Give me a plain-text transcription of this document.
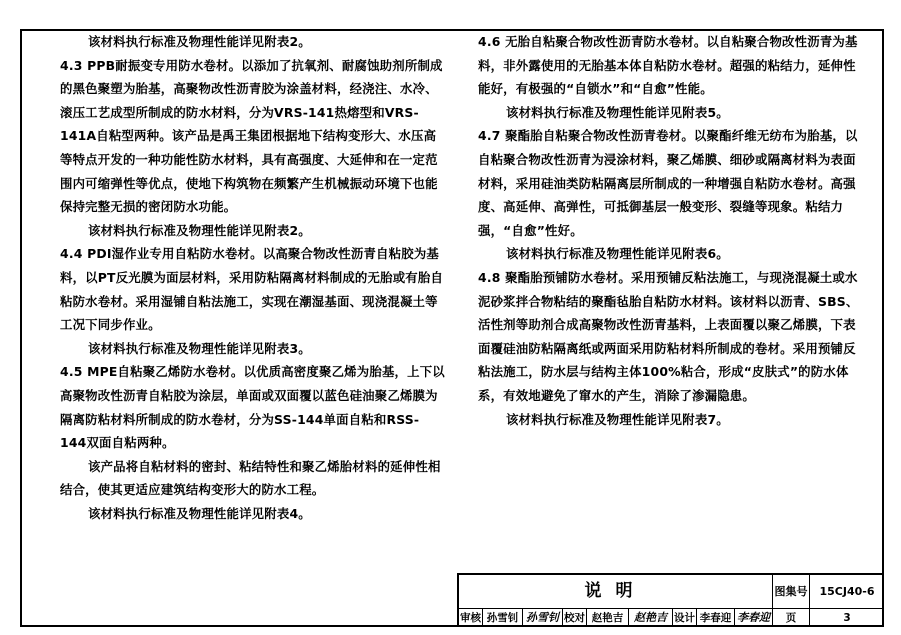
该材料执行标准及物理性能详见附表2。

4.3 PPB耐振变专用防水卷材。以添加了抗氧剂、耐腐蚀助剂所制成的黑色聚塑为胎基，高聚物改性沥青胶为涂盖材料，经浇注、水冷、滚压工艺成型所制成的防水材料，分为VRS-141热熔型和VRS-141A自粘型两种。该产品是禹王集团根据地下结构变形大、水压高等特点开发的一种功能性防水材料，具有高强度、大延伸和在一定范围内可缩弹性等优点，使地下构筑物在频繁产生机械振动环境下也能保持完整无损的密闭防水功能。

该材料执行标准及物理性能详见附表2。

4.4 PDI湿作业专用自粘防水卷材。以高聚合物改性沥青自粘胶为基料，以PT反光膜为面层材料，采用防粘隔离材料制成的无胎或有胎自粘防水卷材。采用湿铺自粘法施工，实现在潮湿基面、现浇混凝土等工况下同步作业。

该材料执行标准及物理性能详见附表3。

4.5 MPE自粘聚乙烯防水卷材。以优质高密度聚乙烯为胎基，上下以高聚物改性沥青自粘胶为涂层，单面或双面覆以蓝色硅油聚乙烯膜为隔离防粘材料所制成的防水卷材，分为SS-144单面自粘和RSS-144双面自粘两种。

该产品将自粘材料的密封、粘结特性和聚乙烯胎材料的延伸性相结合，使其更适应建筑结构变形大的防水工程。

该材料执行标准及物理性能详见附表4。

4.6 无胎自粘聚合物改性沥青防水卷材。以自粘聚合物改性沥青为基料，非外露使用的无胎基本体自粘防水卷材。超强的粘结力，延伸性能好，有极强的“自锁水”和“自愈”性能。

该材料执行标准及物理性能详见附表5。

4.7 聚酯胎自粘聚合物改性沥青卷材。以聚酯纤维无纺布为胎基，以自粘聚合物改性沥青为浸涂材料，聚乙烯膜、细砂或隔离材料为表面材料，采用硅油类防粘隔离层所制成的一种增强自粘防水卷材。高强度、高延伸、高弹性，可抵御基层一般变形、裂缝等现象。粘结力强，“自愈”性好。

该材料执行标准及物理性能详见附表6。

4.8 聚酯胎预铺防水卷材。采用预铺反粘法施工，与现浇混凝土或水泥砂浆拌合物粘结的聚酯毡胎自粘防水材料。该材料以沥青、SBS、活性剂等助剂合成高聚物改性沥青基料，上表面覆以聚乙烯膜，下表面覆硅油防粘隔离纸或两面采用防粘材料所制成的卷材。采用预铺反粘法施工，防水层与结构主体100%粘合，形成“皮肤式”的防水体系，有效地避免了窜水的产生，消除了渗漏隐患。

该材料执行标准及物理性能详见附表7。

说明	图集号	15CJ40-6
审核 孙雪钊 孙雪钊 校对 赵艳吉 赵艳吉 设计 李春迎 李春迎	页	3
